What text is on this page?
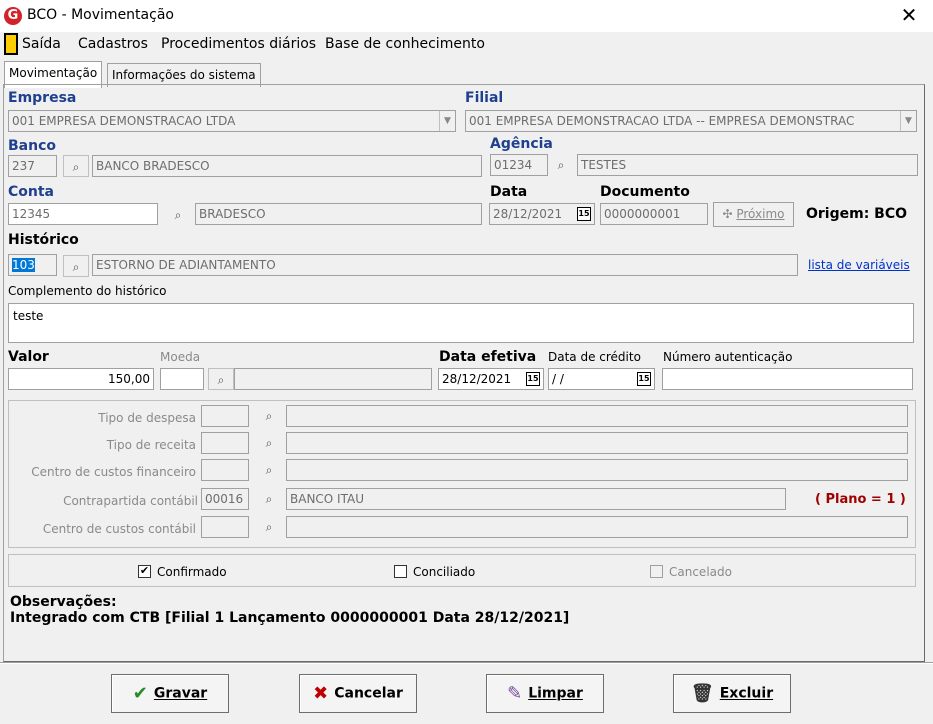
G BCO - Movimentação	✕
Saída Cadastros Procedimentos diários Base de conhecimento
Movimentação	Informações do sistema
Empresa
001 EMPRESA DEMONSTRACAO LTDA	▼
Filial
001 EMPRESA DEMONSTRACAO LTDA -- EMPRESA DEMONSTRAC	▼
Banco
237	⌕	BANCO BRADESCO
Agência
01234	⌕	TESTES
Conta
12345	⌕	BRADESCO
Data
28/12/2021 15
Documento
0000000001	✣ Próximo	Origem: BCO
Histórico
103	⌕	ESTORNO DE ADIANTAMENTO	lista de variáveis
Complemento do histórico
teste
Valor
150,00
Moeda
⌕
Data efetiva
28/12/2021 15
Data de crédito
/ /	15
Número autenticação
Tipo de despesa	⌕
Tipo de receita	⌕
Centro de custos financeiro	⌕
Contrapartida contábil 00016	⌕	BANCO ITAU	( Plano = 1 )
Centro de custos contábil	⌕
✔ Confirmado	Conciliado	Cancelado
Observações:
Integrado com CTB [Filial 1 Lançamento 0000000001 Data 28/12/2021]
✔ Gravar	✖ Cancelar	✎ Limpar	🗑 Excluir
